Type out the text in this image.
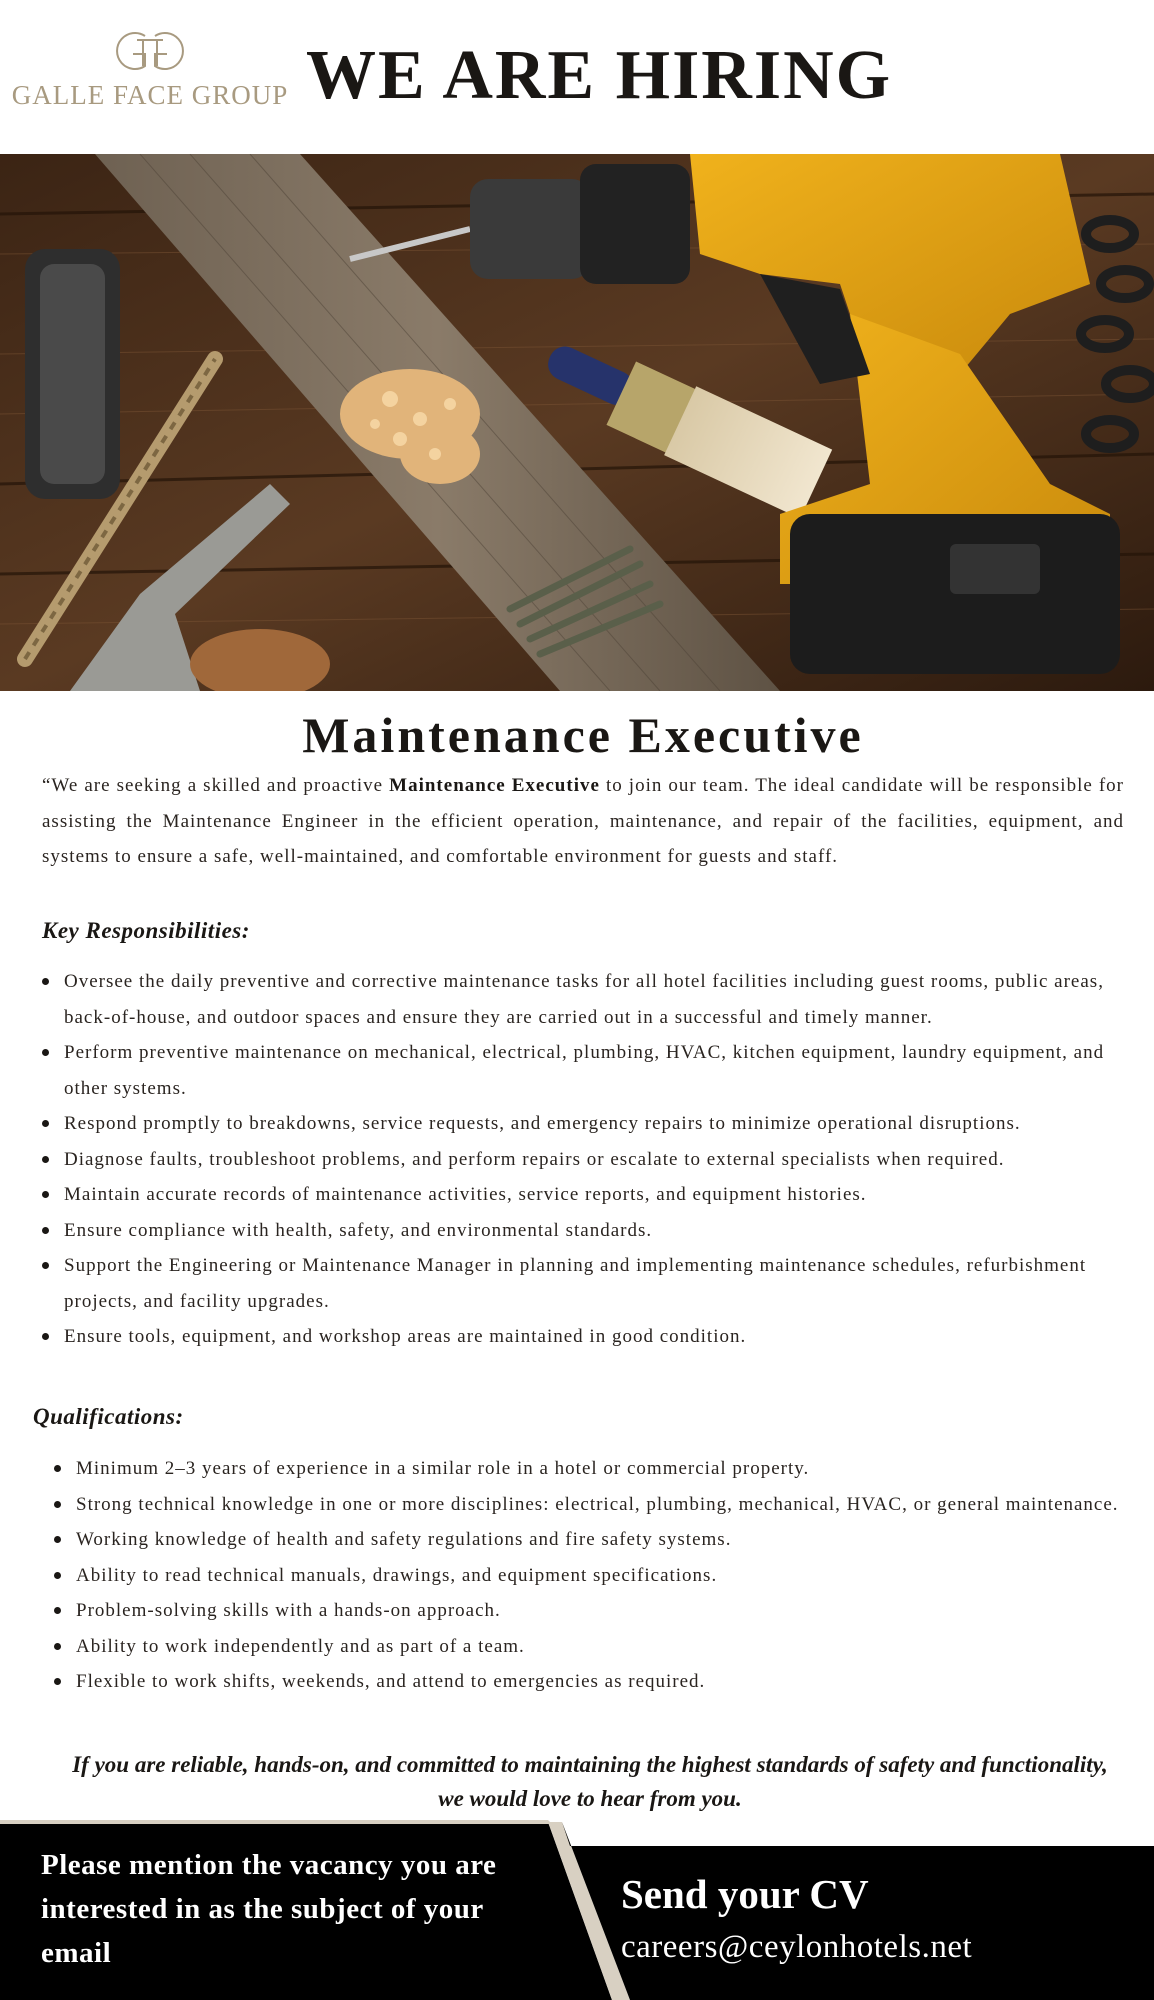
GALLE FACE GROUP WE ARE HIRING
Maintenance Executive
“We are seeking a skilled and proactive Maintenance Executive to join our team. The ideal candidate will be responsible for assisting the Maintenance Engineer in the efficient operation, maintenance, and repair of the facilities, equipment, and systems to ensure a safe, well-maintained, and comfortable environment for guests and staff.
Key Responsibilities:
Oversee the daily preventive and corrective maintenance tasks for all hotel facilities including guest rooms, public areas, back-of-house, and outdoor spaces and ensure they are carried out in a successful and timely manner.
Perform preventive maintenance on mechanical, electrical, plumbing, HVAC, kitchen equipment, laundry equipment, and other systems.
Respond promptly to breakdowns, service requests, and emergency repairs to minimize operational disruptions.
Diagnose faults, troubleshoot problems, and perform repairs or escalate to external specialists when required.
Maintain accurate records of maintenance activities, service reports, and equipment histories.
Ensure compliance with health, safety, and environmental standards.
Support the Engineering or Maintenance Manager in planning and implementing maintenance schedules, refurbishment projects, and facility upgrades.
Ensure tools, equipment, and workshop areas are maintained in good condition.
Qualifications:
Minimum 2–3 years of experience in a similar role in a hotel or commercial property.
Strong technical knowledge in one or more disciplines: electrical, plumbing, mechanical, HVAC, or general maintenance.
Working knowledge of health and safety regulations and fire safety systems.
Ability to read technical manuals, drawings, and equipment specifications.
Problem-solving skills with a hands-on approach.
Ability to work independently and as part of a team.
Flexible to work shifts, weekends, and attend to emergencies as required.
If you are reliable, hands-on, and committed to maintaining the highest standards of safety and functionality, we would love to hear from you.
Please mention the vacancy you are interested in as the subject of your email
Send your CV
careers@ceylonhotels.net
